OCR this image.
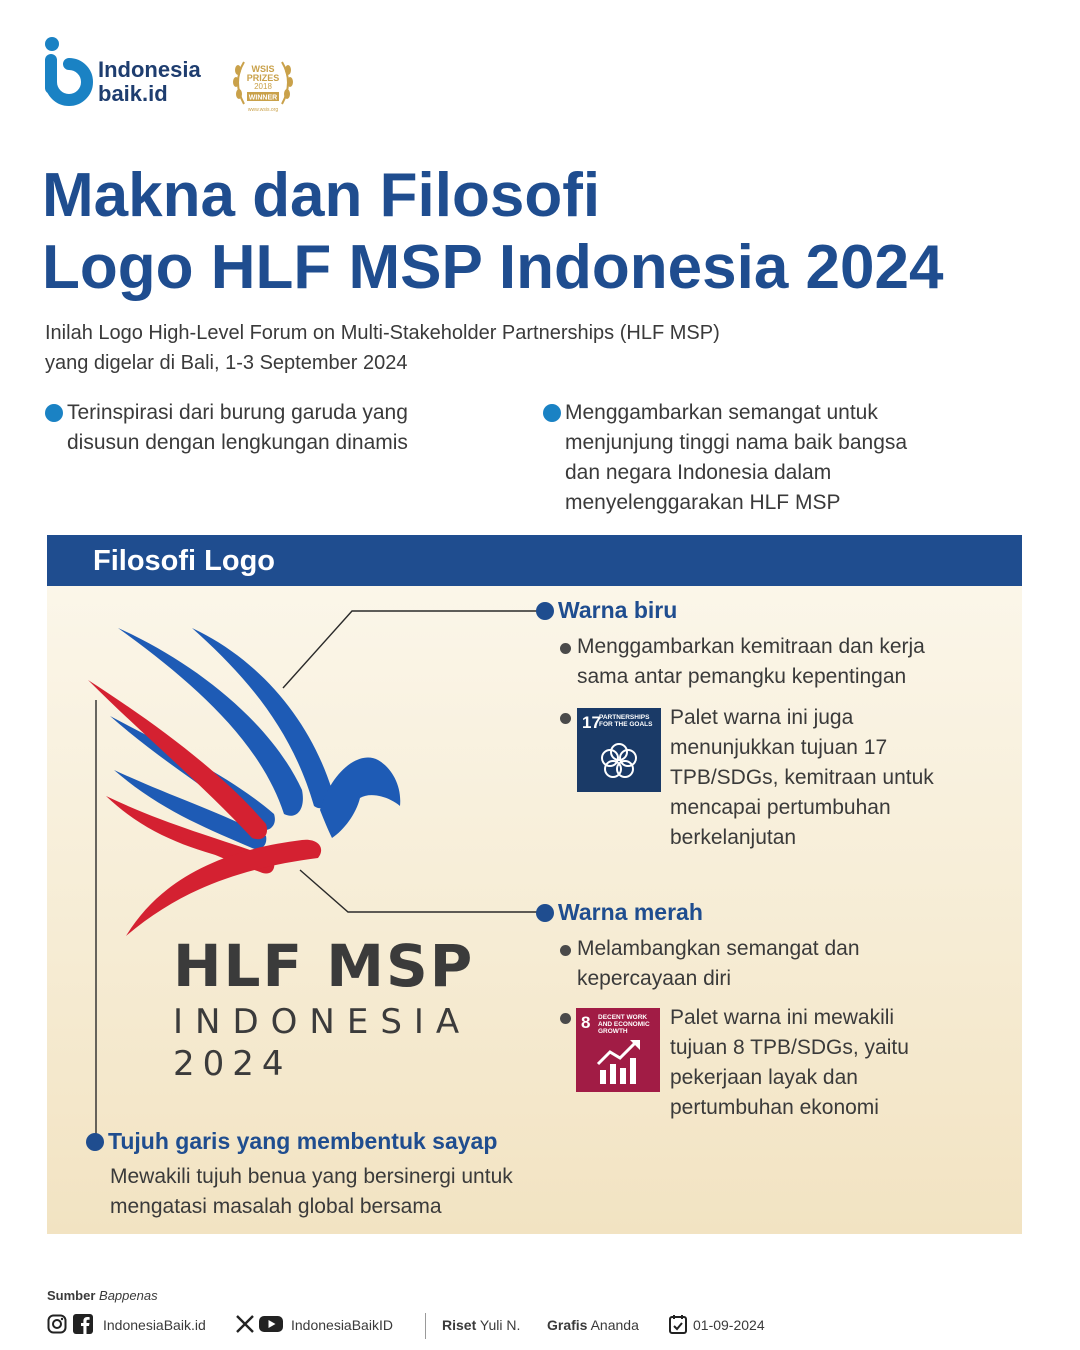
Indonesia
baik.id
WSIS
PRIZES
2018
WINNER
www.wsis.org
Makna dan Filosofi
Logo HLF MSP Indonesia 2024
Inilah Logo High-Level Forum on Multi-Stakeholder Partnerships (HLF MSP)
yang digelar di Bali, 1-3 September 2024
Terinspirasi dari burung garuda yang
disusun dengan lengkungan dinamis
Menggambarkan semangat untuk
menjunjung tinggi nama baik bangsa
dan negara Indonesia dalam
menyelenggarakan HLF MSP
Filosofi Logo
HLF MSP
INDONESIA
2024
Warna biru
Menggambarkan kemitraan dan kerja
sama antar pemangku kepentingan
17
PARTNERSHIPS FOR THE GOALS Palet warna ini juga
menunjukkan tujuan 17
TPB/SDGs, kemitraan untuk
mencapai pertumbuhan
berkelanjutan
Warna merah
Melambangkan semangat dan
kepercayaan diri
8 DECENT WORK AND ECONOMIC GROWTH
Palet warna ini mewakili
tujuan 8 TPB/SDGs, yaitu
pekerjaan layak dan
pertumbuhan ekonomi
Tujuh garis yang membentuk sayap
Mewakili tujuh benua yang bersinergi untuk
mengatasi masalah global bersama
Sumber Bappenas
IndonesiaBaik.id	IndonesiaBaikID	Riset Yuli N. Grafis Ananda	01-09-2024
